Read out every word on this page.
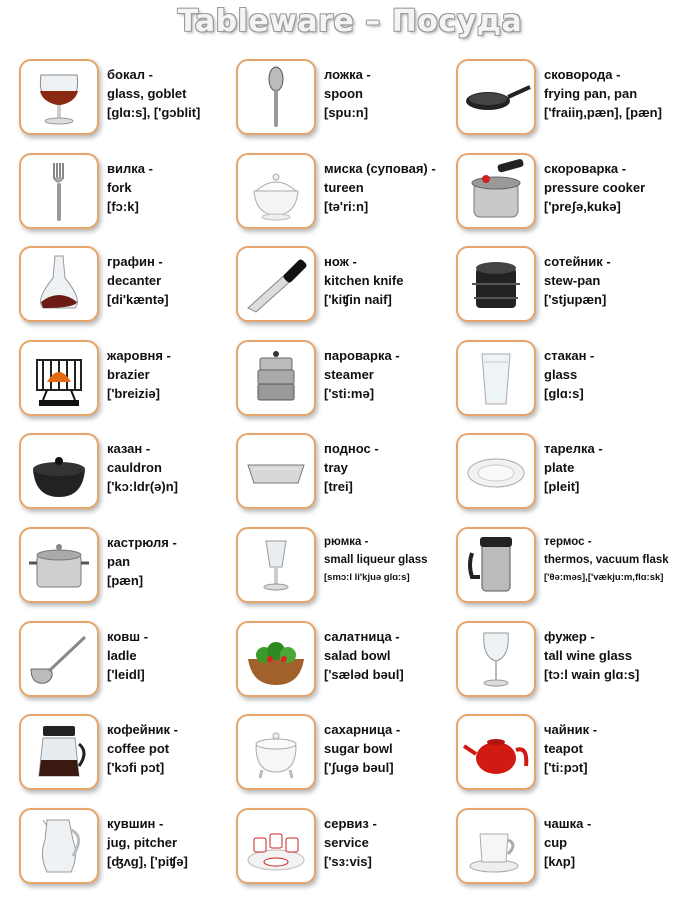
Tableware – Посуда
бокал -
glass, goblet
[glɑ:s], ['gɔblit]
ложка -
spoon
[spu:n]
сковорода -
frying pan, pan
['fraiiŋ,pæn], [pæn]
вилка -
fork
[fɔ:k]
миска (суповая) -
tureen
[tə'ri:n]
скороварка -
pressure cooker
['preʃə,kukə]
графин -
decanter
[di'kæntə]
нож -
kitchen knife
['kiʧin naif]
сотейник -
stew-pan
['stjupæn]
жаровня -
brazier
['breiziə]
пароварка -
steamer
['sti:mə]
стакан -
glass
[glɑ:s]
казан -
cauldron
['kɔ:ldr(ə)n]
поднос -
tray
[trei]
тарелка -
plate
[pleit]
кастрюля -
pan
[pæn]
рюмка -
small liqueur glass
[smɔ:l li'kjuə glɑ:s]
термос -
thermos, vacuum flask
['θə:məs],['vækju:m,flɑ:sk]
ковш -
ladle
['leidl]
салатница -
salad bowl
['sæləd bəul]
фужер -
tall wine glass
[tɔ:l wain glɑ:s]
кофейник -
coffee pot
['kɔfi pɔt]
сахарница -
sugar bowl
['ʃugə bəul]
чайник -
teapot
['ti:pɔt]
кувшин -
jug, pitcher
[ʤʌg], ['piʧə]
сервиз -
service
['sɜ:vis]
чашка -
cup
[kʌp]
